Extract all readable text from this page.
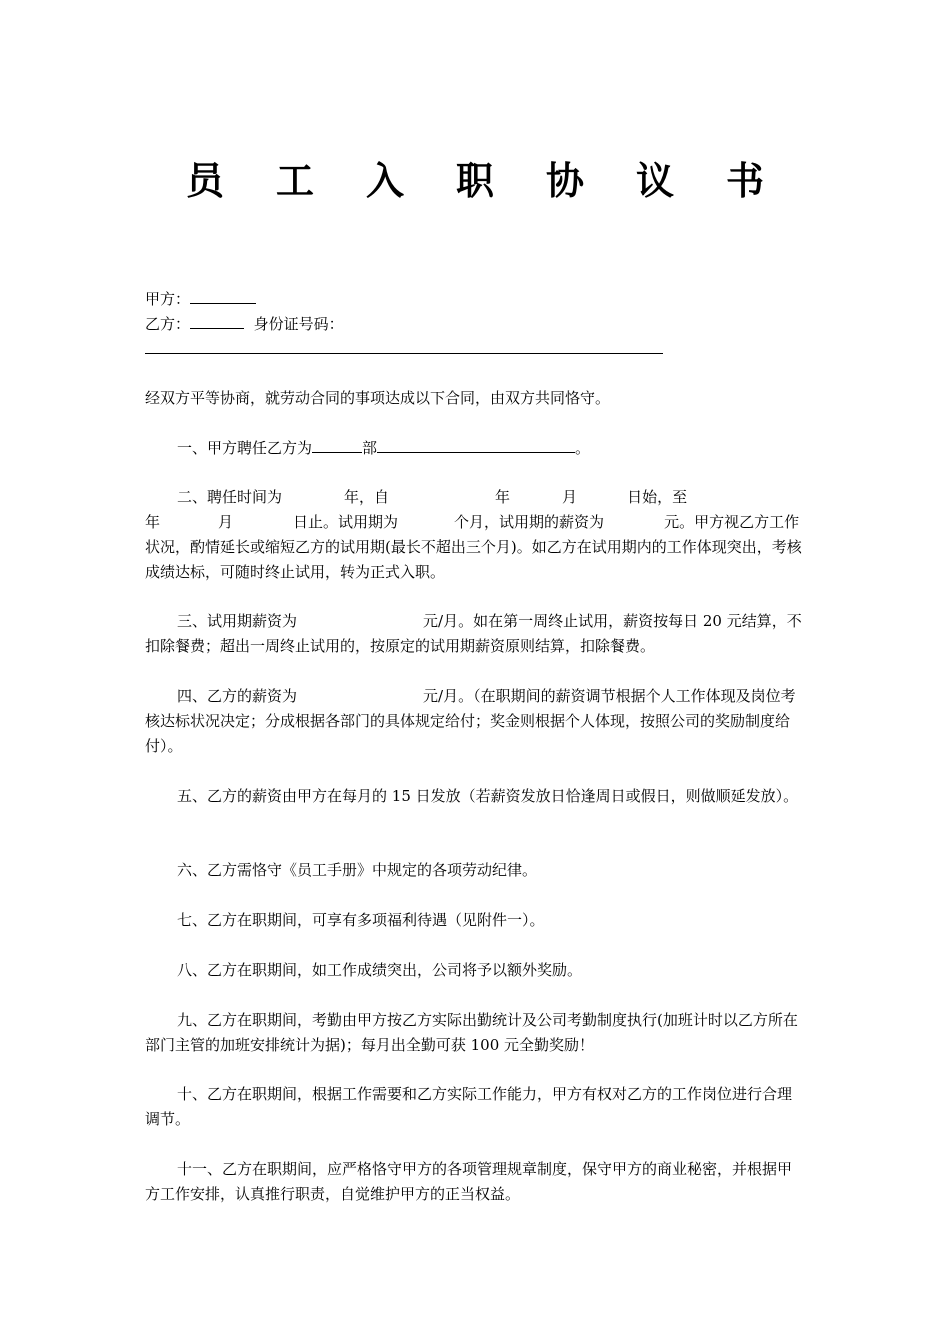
员 工 入 职 协 议 书
甲方：
乙方：	身份证号码：
经双方平等协商，就劳动合同的事项达成以下合同，由双方共同恪守。
一、甲方聘任乙方为	部	。

二、聘任时间为	年，自	年	月	日始，至

年	月	日止。试用期为	个月，试用期的薪资为	元。甲方视乙方工作状况，酌情延长或缩短乙方的试用期(最长不超出三个月)。如乙方在试用期内的工作体现突出，考核成绩达标，可随时终止试用，转为正式入职。

三、试用期薪资为	元/月。如在第一周终止试用，薪资按每日 20 元结算，不扣除餐费；超出一周终止试用的，按原定的试用期薪资原则结算，扣除餐费。

四、乙方的薪资为	元/月。（在职期间的薪资调节根据个人工作体现及岗位考核达标状况决定；分成根据各部门的具体规定给付；奖金则根据个人体现，按照公司的奖励制度给付）。

五、乙方的薪资由甲方在每月的 15 日发放（若薪资发放日恰逢周日或假日，则做顺延发放）。

六、乙方需恪守《员工手册》中规定的各项劳动纪律。

七、乙方在职期间，可享有多项福利待遇（见附件一）。

八、乙方在职期间，如工作成绩突出，公司将予以额外奖励。

九、乙方在职期间，考勤由甲方按乙方实际出勤统计及公司考勤制度执行(加班计时以乙方所在部门主管的加班安排统计为据)；每月出全勤可获 100 元全勤奖励！

十、乙方在职期间，根据工作需要和乙方实际工作能力，甲方有权对乙方的工作岗位进行合理调节。

十一、乙方在职期间，应严格恪守甲方的各项管理规章制度，保守甲方的商业秘密，并根据甲方工作安排，认真推行职责，自觉维护甲方的正当权益。
